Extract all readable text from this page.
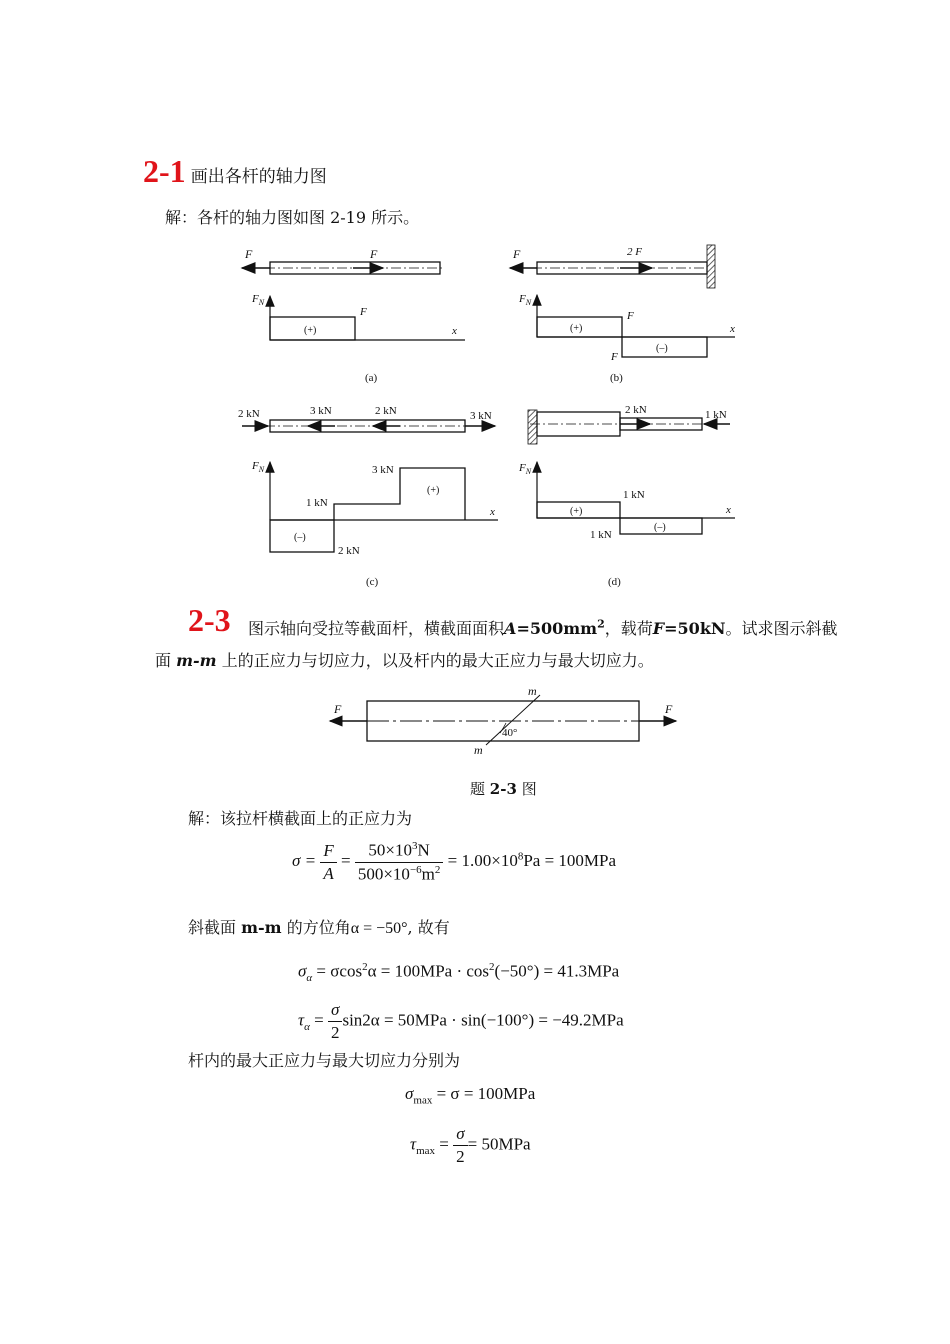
2-1 画出各杆的轴力图
解：各杆的轴力图如图 2-19 所示。
F	F
$F_N$
(+)
F
x
(a)
F	2 F
$F_N$
(+)
(–)
F
F
x
(b)
2 kN	3 kN	2 kN	3 kN
$F_N$	3 kN
1 kN
2 kN
(+)
(–)
x
(c)
2 kN	1 kN
$F_N$
1 kN
1 kN
(+)
(–)
x
(d)
2-3 图示轴向受拉等截面杆，横截面面积$A=500mm^2$，载荷F=50kN。试求图示斜截
面 m-m 上的正应力与切应力，以及杆内的最大正应力与最大切应力。
F	F
m
m
40°
题 2-3 图
解：该拉杆横截面上的正应力为
$\sigma = \frac{F}{A} = \frac{50\times 10^3N}{500\times 10^{-6}m^2} = 1.00\times 10^8Pa = 100MPa$
斜截面 m-m 的方位角α = −50°, 故有
$\sigma_\alpha = \sigma\cos^2\alpha = 100MPa \cdot \cos^2(-50^\circ) = 41.3MPa$
$\tau_\alpha = \frac{\sigma}{2} \sin 2\alpha = 50MPa \cdot \sin(-100^\circ) = -49.2MPa$
杆内的最大正应力与最大切应力分别为
$\sigma_{max} = \sigma = 100MPa$
$\tau_{max} = \frac{\sigma}{2} = 50MPa$
